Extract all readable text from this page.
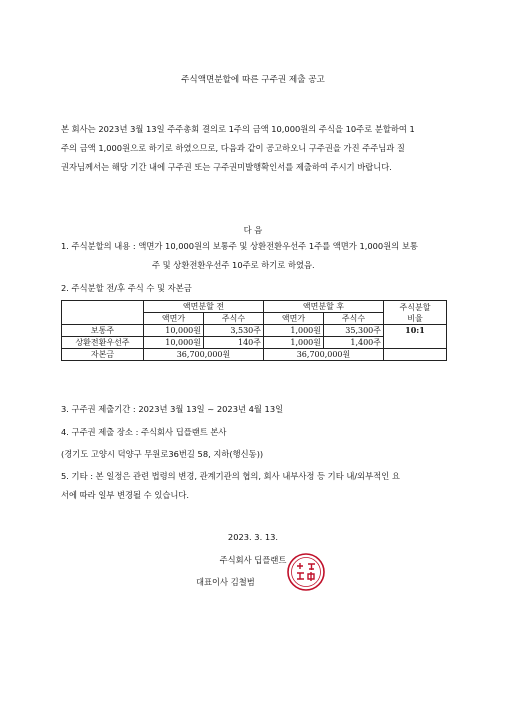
주식액면분할에 따른 구주권 제출 공고
본 회사는 2023년 3월 13일 주주총회 결의로 1주의 금액 10,000원의 주식을 10주로 분할하여 1
주의 금액 1,000원으로 하기로 하였으므로, 다음과 같이 공고하오니 구주권을 가진 주주님과 질
권자님께서는 해당 기간 내에 구주권 또는 구주권미발행확인서를 제출하여 주시기 바랍니다.
다 음
1. 주식분할의 내용 : 액면가 10,000원의 보통주 및 상환전환우선주 1주를 액면가 1,000원의 보통
주 및 상환전환우선주 10주로 하기로 하였음.
2. 주식분할 전/후 주식 수 및 자본금
	액면분할 전		액면분할 후		주식분할
비율
	액면가	주식수	액면가	주식수	
보통주	10,000원	3,530주	1,000원	35,300주	10:1
상환전환우선주	10,000원	140주	1,000원	1,400주	
자본금	36,700,000원		36,700,000원		
3. 구주권 제출기간 : 2023년 3월 13일 ~ 2023년 4월 13일
4. 구주권 제출 장소 : 주식회사 딥플랜트 본사
(경기도 고양시 덕양구 무원로36번길 58, 지하(행신동))
5. 기타 : 본 일정은 관련 법령의 변경, 관계기관의 협의, 회사 내부사정 등 기타 내/외부적인 요
서에 따라 일부 변경될 수 있습니다.
2023. 3. 13.
주식회사 딥플랜트
대표이사 김철범
